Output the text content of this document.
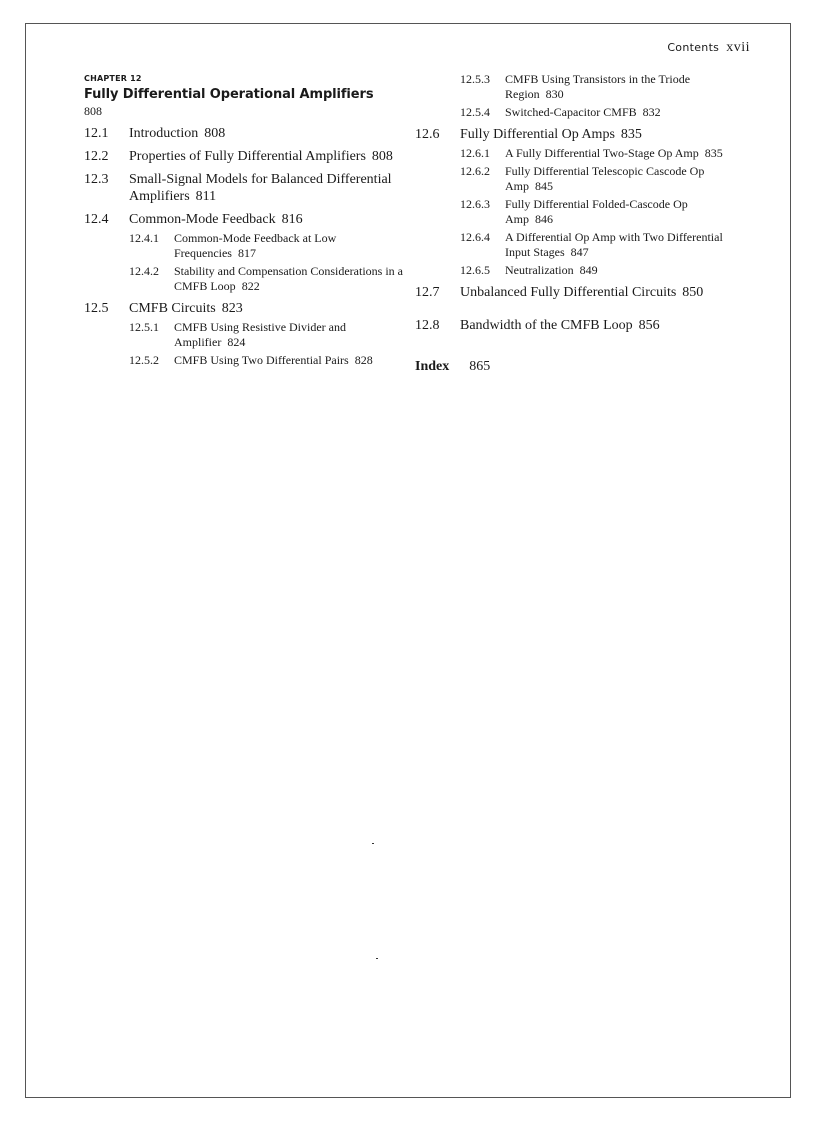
Contents xvii
CHAPTER 12
Fully Differential Operational Amplifiers
808
12.1	Introduction 808
12.2	Properties of Fully Differential Amplifiers 808
12.3	Small-Signal Models for Balanced Differential Amplifiers 811
12.4	Common-Mode Feedback 816
12.4.1	Common-Mode Feedback at Low Frequencies 817
12.4.2	Stability and Compensation Considerations in a CMFB Loop 822
12.5	CMFB Circuits 823
12.5.1	CMFB Using Resistive Divider and Amplifier 824
12.5.2	CMFB Using Two Differential Pairs 828
12.5.3	CMFB Using Transistors in the Triode Region 830
12.5.4	Switched-Capacitor CMFB 832
12.6	Fully Differential Op Amps 835
12.6.1	A Fully Differential Two-Stage Op Amp 835
12.6.2	Fully Differential Telescopic Cascode Op Amp 845
12.6.3	Fully Differential Folded-Cascode Op Amp 846
12.6.4	A Differential Op Amp with Two Differential Input Stages 847
12.6.5	Neutralization 849
12.7	Unbalanced Fully Differential Circuits 850
12.8	Bandwidth of the CMFB Loop 856
Index 865
